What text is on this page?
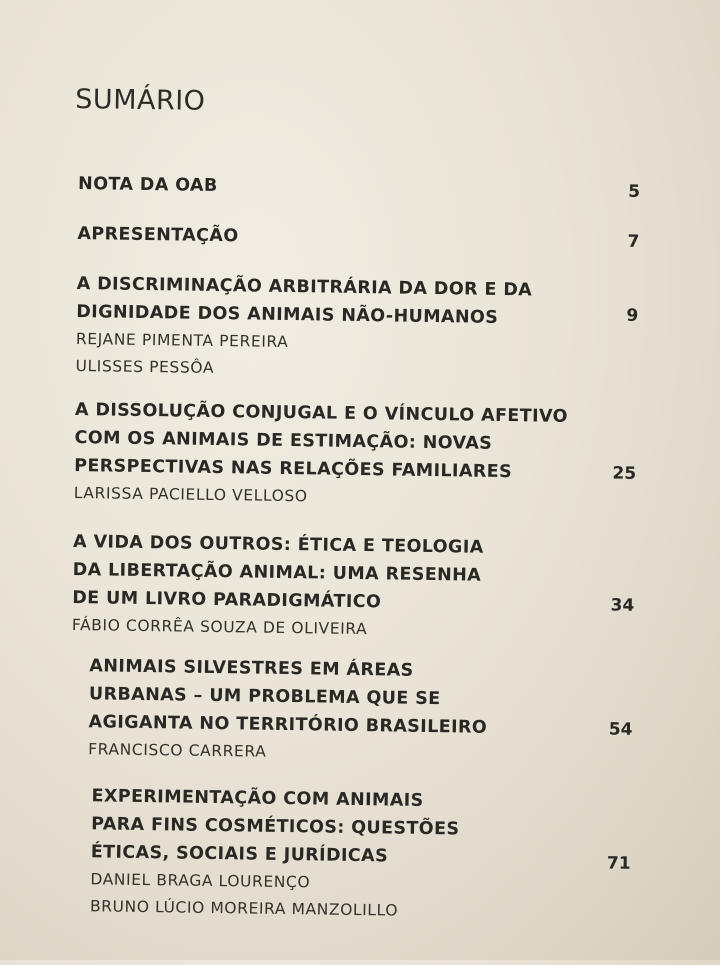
SUMÁRIO
NOTA DA OAB	5
APRESENTAÇÃO	7
A DISCRIMINAÇÃO ARBITRÁRIA DA DOR E DA
DIGNIDADE DOS ANIMAIS NÃO-HUMANOS
REJANE PIMENTA PEREIRA
ULISSES PESSÔA
9
A DISSOLUÇÃO CONJUGAL E O VÍNCULO AFETIVO
COM OS ANIMAIS DE ESTIMAÇÃO: NOVAS
PERSPECTIVAS NAS RELAÇÕES FAMILIARES
LARISSA PACIELLO VELLOSO
25
A VIDA DOS OUTROS: ÉTICA E TEOLOGIA
DA LIBERTAÇÃO ANIMAL: UMA RESENHA
DE UM LIVRO PARADIGMÁTICO
FÁBIO CORRÊA SOUZA DE OLIVEIRA
34
ANIMAIS SILVESTRES EM ÁREAS
URBANAS – UM PROBLEMA QUE SE
AGIGANTA NO TERRITÓRIO BRASILEIRO
FRANCISCO CARRERA
54
EXPERIMENTAÇÃO COM ANIMAIS
PARA FINS COSMÉTICOS: QUESTÕES
ÉTICAS, SOCIAIS E JURÍDICAS
DANIEL BRAGA LOURENÇO
BRUNO LÚCIO MOREIRA MANZOLILLO
71
